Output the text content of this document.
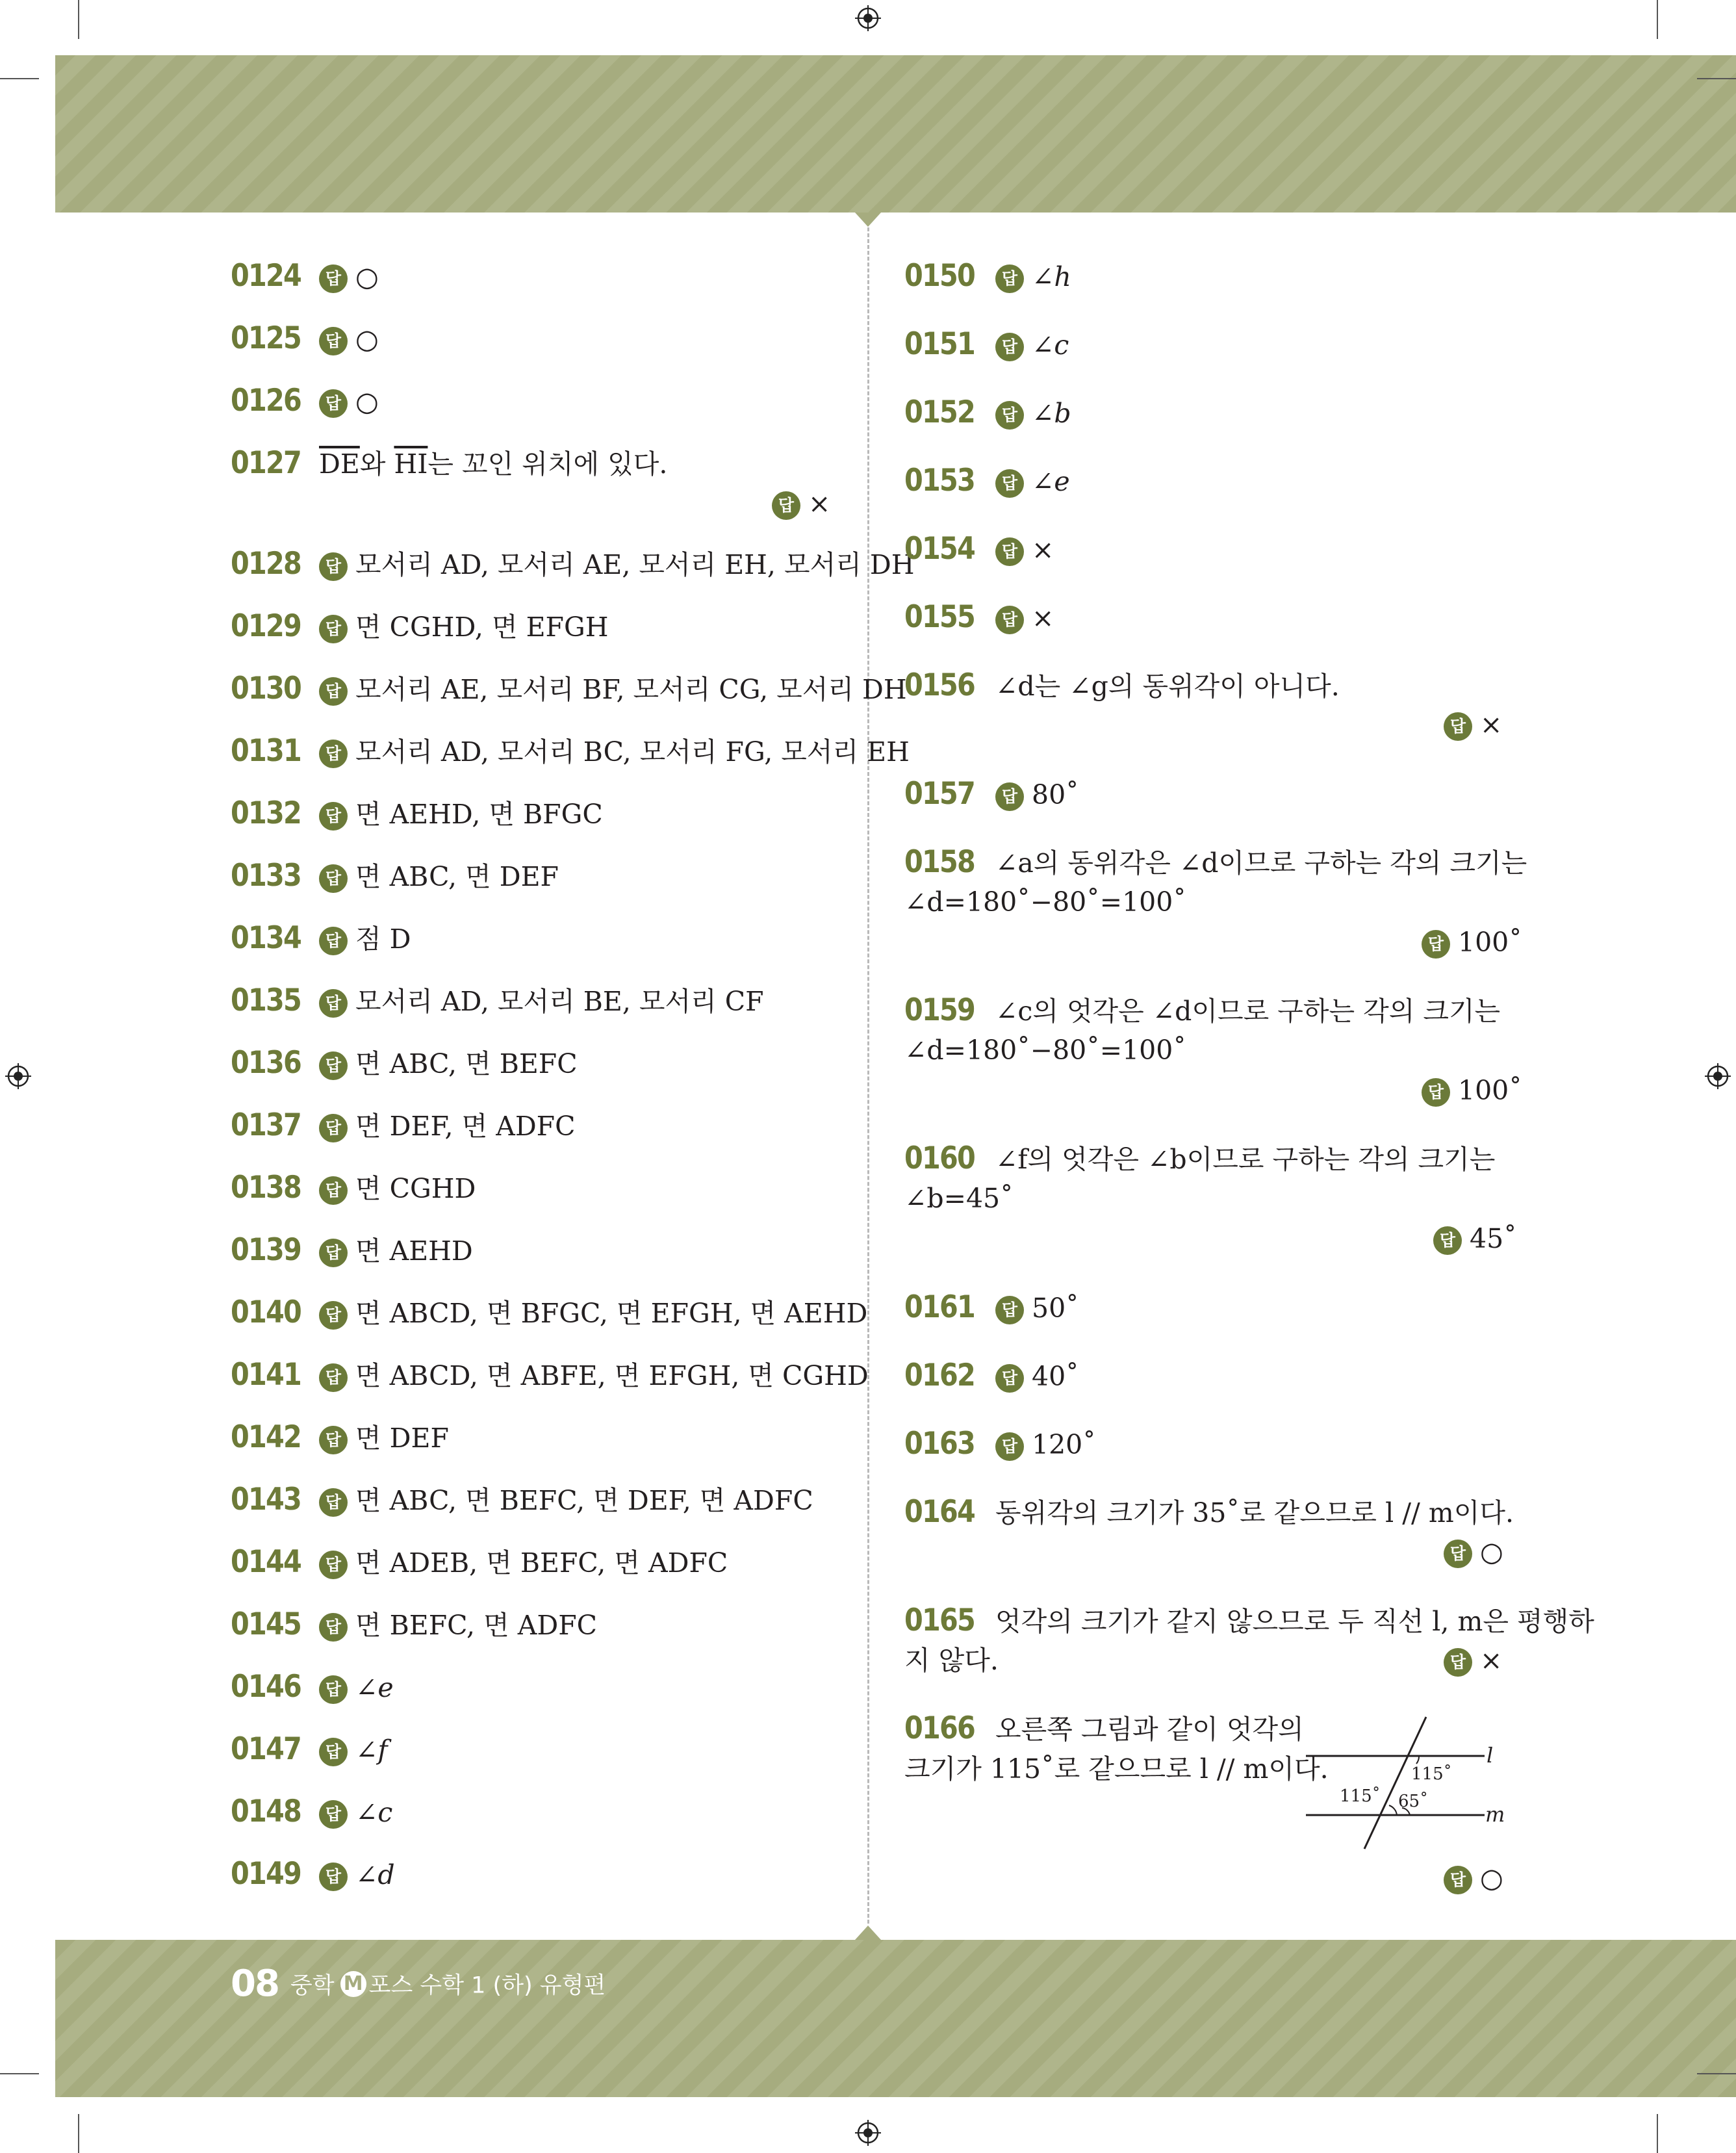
0124 답 ○
0125 답 ○
0126 답 ○
0127 $\overline{DE}$와 $\overline{HI}$는 꼬인 위치에 있다.
답 ×
0128 답 모서리 AD, 모서리 AE, 모서리 EH, 모서리 DH
0129 답 면 CGHD, 면 EFGH
0130 답 모서리 AE, 모서리 BF, 모서리 CG, 모서리 DH
0131 답 모서리 AD, 모서리 BC, 모서리 FG, 모서리 EH
0132 답 면 AEHD, 면 BFGC
0133 답 면 ABC, 면 DEF
0134 답 점 D
0135 답 모서리 AD, 모서리 BE, 모서리 CF
0136 답 면 ABC, 면 BEFC
0137 답 면 DEF, 면 ADFC
0138 답 면 CGHD
0139 답 면 AEHD
0140 답 면 ABCD, 면 BFGC, 면 EFGH, 면 AEHD
0141 답 면 ABCD, 면 ABFE, 면 EFGH, 면 CGHD
0142 답 면 DEF
0143 답 면 ABC, 면 BEFC, 면 DEF, 면 ADFC
0144 답 면 ADEB, 면 BEFC, 면 ADFC
0145 답 면 BEFC, 면 ADFC
0146 답 ∠e
0147 답 ∠f
0148 답 ∠c
0149 답 ∠d
0150 답 ∠h
0151 답 ∠c
0152 답 ∠b
0153 답 ∠e
0154 답 ×
0155 답 ×
0156 ∠d는 ∠g의 동위각이 아니다.
답 ×
0157 답 80˚
0158 ∠a의 동위각은 ∠d이므로 구하는 각의 크기는
∠d=180˚−80˚=100˚
답 100˚
0159 ∠c의 엇각은 ∠d이므로 구하는 각의 크기는
∠d=180˚−80˚=100˚
답 100˚
0160 ∠f의 엇각은 ∠b이므로 구하는 각의 크기는
∠b=45˚
답 45˚
0161 답 50˚
0162 답 40˚
0163 답 120˚
0164 동위각의 크기가 35˚로 같으므로 l // m이다.
답 ○
0165 엇각의 크기가 같지 않으므로 두 직선 l, m은 평행하
지 않다.	답 ×
0166 오른쪽 그림과 같이 엇각의
크기가 115˚로 같으므로 l // m이다.
답 ○
l
m
115˚
115˚ 65˚
08 중학 M 포스 수학 1 (하) 유형편
